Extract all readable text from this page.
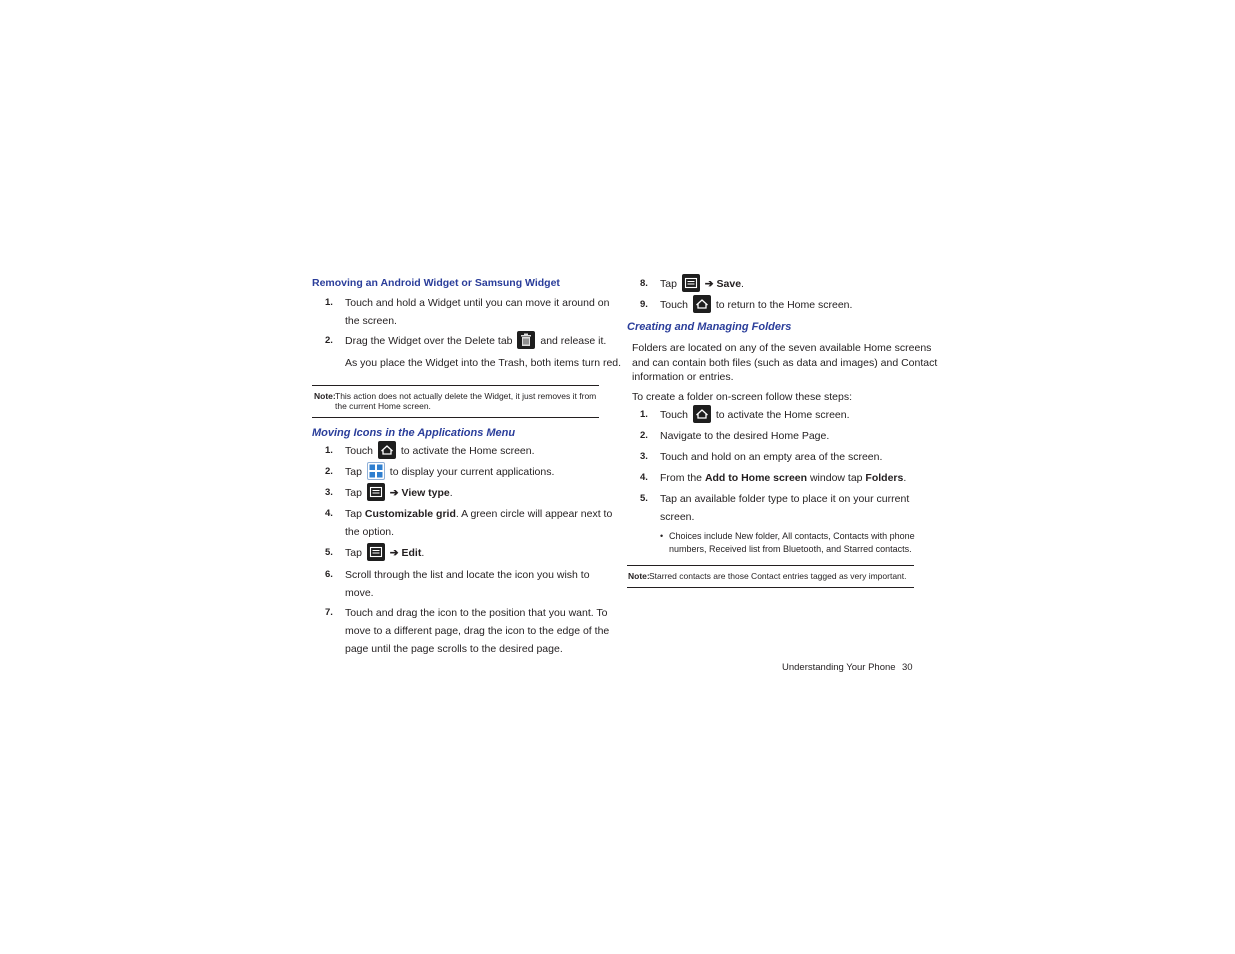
Removing an Android Widget or Samsung Widget
1.	Touch and hold a Widget until you can move it around on
the screen.
2.	Drag the Widget over the Delete tab	and release it.
As you place the Widget into the Trash, both items turn red.
Note: This action does not actually delete the Widget, it just removes it from
the current Home screen.
Moving Icons in the Applications Menu
1.	Touch	to activate the Home screen.
2.	Tap	to display your current applications.
3.	Tap	➔ View type.
4.	Tap Customizable grid. A green circle will appear next to
the option.
5.	Tap	➔ Edit.
6.	Scroll through the list and locate the icon you wish to
move.
7.	Touch and drag the icon to the position that you want. To
move to a different page, drag the icon to the edge of the
page until the page scrolls to the desired page.
8.	Tap	➔ Save.
9.	Touch	to return to the Home screen.
Creating and Managing Folders
Folders are located on any of the seven available Home screens
and can contain both files (such as data and images) and Contact
information or entries.
To create a folder on-screen follow these steps:
1.	Touch	to activate the Home screen.
2.	Navigate to the desired Home Page.
3.	Touch and hold on an empty area of the screen.
4.	From the Add to Home screen window tap Folders.
5.	Tap an available folder type to place it on your current
screen.
• Choices include New folder, All contacts, Contacts with phone
numbers, Received list from Bluetooth, and Starred contacts.
Note: Starred contacts are those Contact entries tagged as very important.
Understanding Your Phone 30
